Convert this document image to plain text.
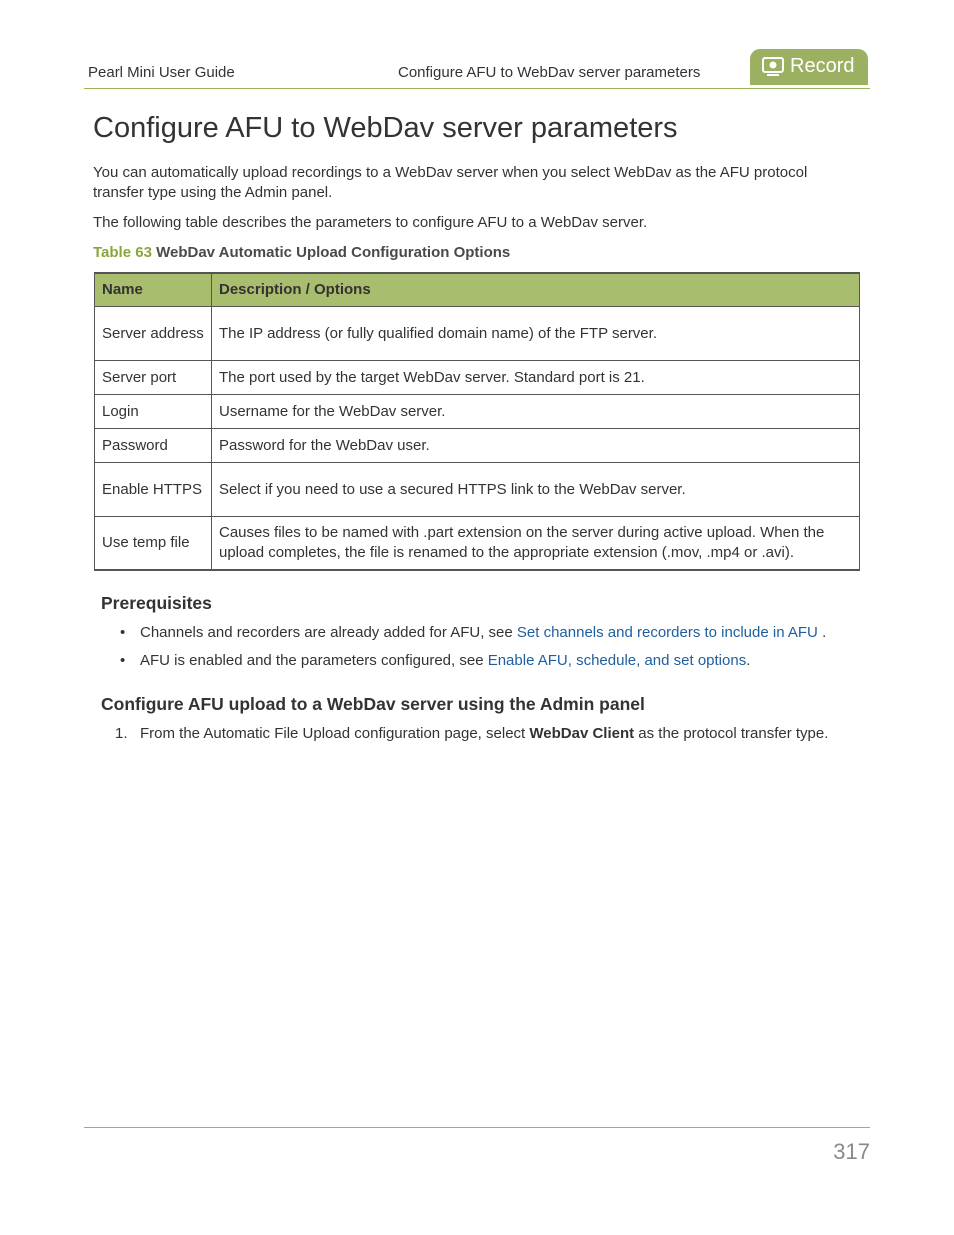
Pearl Mini User Guide	Configure AFU to WebDav server parameters	Record
Configure AFU to WebDav server parameters

You can automatically upload recordings to a WebDav server when you select WebDav as the AFU protocol transfer type using the Admin panel.

The following table describes the parameters to configure AFU to a WebDav server.

Table 63 WebDav Automatic Upload Configuration Options
Name	Description / Options
Server address	The IP address (or fully qualified domain name) of the FTP server.
Server port	The port used by the target WebDav server. Standard port is 21.
Login	Username for the WebDav server.
Password	Password for the WebDav user.
Enable HTTPS	Select if you need to use a secured HTTPS link to the WebDav server.
Use temp file	Causes files to be named with .part extension on the server during active upload. When the upload completes, the file is renamed to the appropriate extension (.mov, .mp4 or .avi).
Prerequisites
• Channels and recorders are already added for AFU, see Set channels and recorders to include in AFU .
• AFU is enabled and the parameters configured, see Enable AFU, schedule, and set options.
Configure AFU upload to a WebDav server using the Admin panel
1. From the Automatic File Upload configuration page, select WebDav Client as the protocol transfer type.
317
